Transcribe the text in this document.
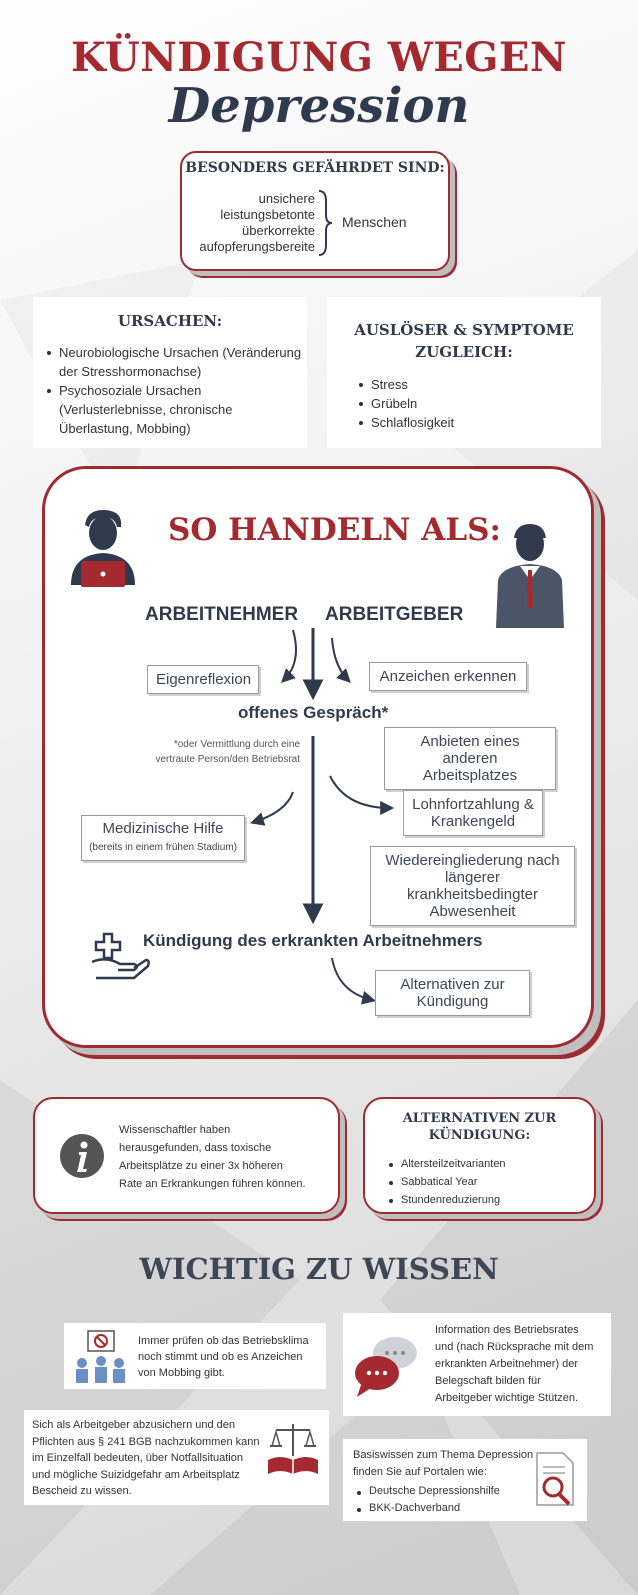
KÜNDIGUNG WEGEN
Depression
BESONDERS GEFÄHRDET SIND:
unsichere
leistungsbetonte
überkorrekte
aufopferungsbereite
Menschen
URSACHEN:
Neurobiologische Ursachen (Veränderung der Stresshormonachse)
Psychosoziale Ursachen (Verlusterlebnisse, chronische Überlastung, Mobbing)
AUSLÖSER & SYMPTOME
ZUGLEICH:
Stress
Grübeln
Schlaflosigkeit
SO HANDELN ALS:
ARBEITNEHMER ARBEITGEBER
Eigenreflexion	Anzeichen erkennen
offenes Gespräch*
*oder Vermittlung durch eine
vertraute Person/den Betriebsrat
Anbieten eines anderen
Arbeitsplatzes
Medizinische Hilfe
(bereits in einem frühen Stadium)
Lohnfortzahlung &
Krankengeld
Wiedereingliederung nach
längerer krankheitsbedingter
Abwesenheit
Kündigung des erkrankten Arbeitnehmers
Alternativen zur
Kündigung
Wissenschaftler haben
herausgefunden, dass toxische
Arbeitsplätze zu einer 3x höheren
Rate an Erkrankungen führen können.
ALTERNATIVEN ZUR
KÜNDIGUNG:
Altersteilzeitvarianten
Sabbatical Year
Stundenreduzierung
WICHTIG ZU WISSEN
Immer prüfen ob das Betriebsklima
noch stimmt und ob es Anzeichen
von Mobbing gibt.
Information des Betriebsrates
und (nach Rücksprache mit dem
erkrankten Arbeitnehmer) der
Belegschaft bilden für
Arbeitgeber wichtige Stützen.
Sich als Arbeitgeber abzusichern und den
Pflichten aus § 241 BGB nachzukommen kann
im Einzelfall bedeuten, über Notfallsituation
und mögliche Suizidgefahr am Arbeitsplatz
Bescheid zu wissen.
Basiswissen zum Thema Depression
finden Sie auf Portalen wie:
Deutsche Depressionshilfe
BKK-Dachverband
